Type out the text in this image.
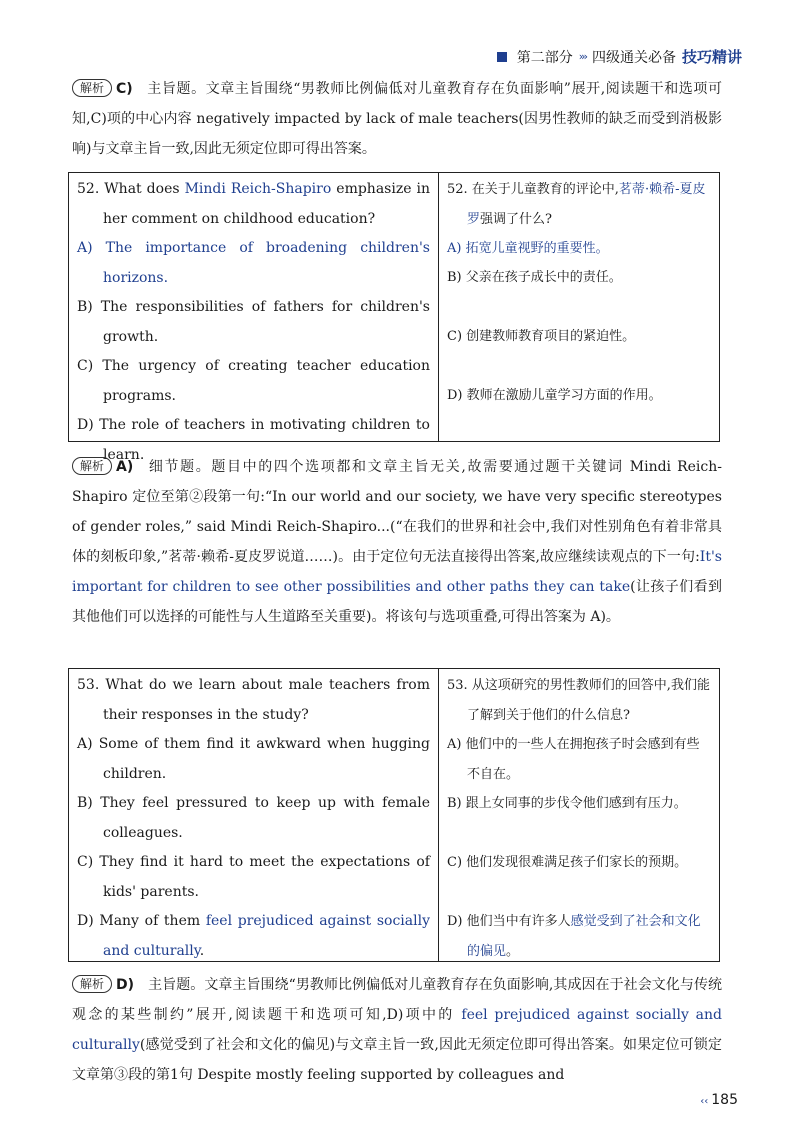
第二部分 ››› 四级通关必备 技巧精讲
解析 C) 主旨题。文章主旨围绕“男教师比例偏低对儿童教育存在负面影响”展开,阅读题干和选项可知,C)项的中心内容 negatively impacted by lack of male teachers(因男性教师的缺乏而受到消极影响)与文章主旨一致,因此无须定位即可得出答案。

52. What does Mindi Reich-Shapiro emphasize in her comment on childhood education?

A) The importance of broadening children's horizons.

B) The responsibilities of fathers for children's growth.

C) The urgency of creating teacher education programs.

D) The role of teachers in motivating children to learn.

52. 在关于儿童教育的评论中,茗蒂·赖希-夏皮罗强调了什么?

A) 拓宽儿童视野的重要性。

B) 父亲在孩子成长中的责任。

C) 创建教师教育项目的紧迫性。

D) 教师在激励儿童学习方面的作用。

解析 A) 细节题。题目中的四个选项都和文章主旨无关,故需要通过题干关键词 Mindi Reich-Shapiro 定位至第②段第一句:“In our world and our society, we have very specific stereotypes of gender roles,” said Mindi Reich-Shapiro...(“在我们的世界和社会中,我们对性别角色有着非常具体的刻板印象,”茗蒂·赖希-夏皮罗说道……)。由于定位句无法直接得出答案,故应继续读观点的下一句:It's important for children to see other possibilities and other paths they can take(让孩子们看到其他他们可以选择的可能性与人生道路至关重要)。将该句与选项重叠,可得出答案为 A)。

53. What do we learn about male teachers from their responses in the study?

A) Some of them find it awkward when hugging children.

B) They feel pressured to keep up with female colleagues.

C) They find it hard to meet the expectations of kids' parents.

D) Many of them feel prejudiced against socially and culturally.

53. 从这项研究的男性教师们的回答中,我们能了解到关于他们的什么信息?

A) 他们中的一些人在拥抱孩子时会感到有些不自在。

B) 跟上女同事的步伐令他们感到有压力。

C) 他们发现很难满足孩子们家长的预期。

D) 他们当中有许多人感觉受到了社会和文化的偏见。

解析 D) 主旨题。文章主旨围绕“男教师比例偏低对儿童教育存在负面影响,其成因在于社会文化与传统观念的某些制约”展开,阅读题干和选项可知,D)项中的 feel prejudiced against socially and culturally(感觉受到了社会和文化的偏见)与文章主旨一致,因此无须定位即可得出答案。如果定位可锁定文章第③段的第1句 Despite mostly feeling supported by colleagues and
‹‹ 185
